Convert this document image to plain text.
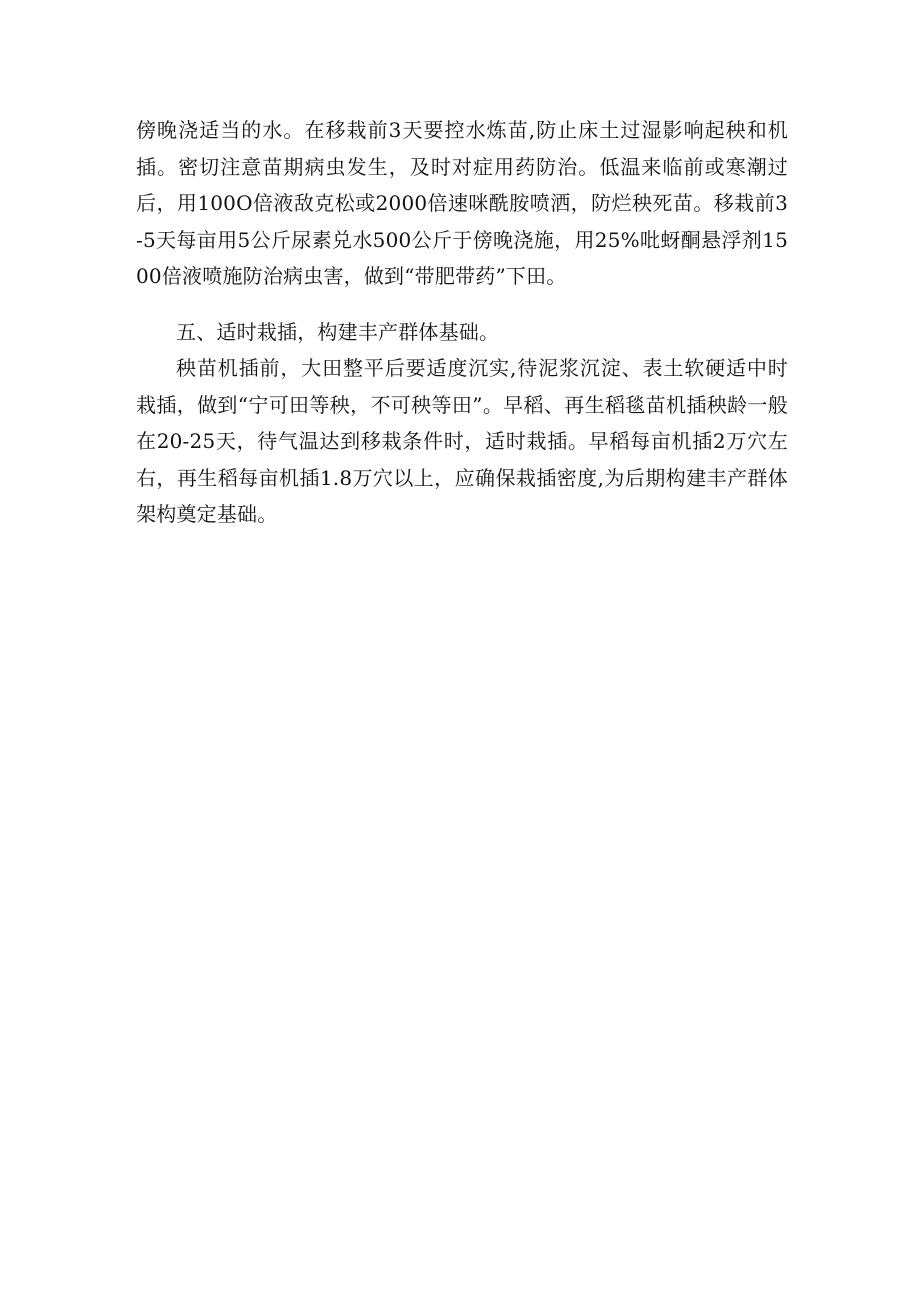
傍晚浇适当的水。在移栽前3天要控水炼苗,防止床土过湿影响起秧和机插。密切注意苗期病虫发生，及时对症用药防治。低温来临前或寒潮过后，用100O倍液敌克松或2000倍速咪酰胺喷洒，防烂秧死苗。移栽前3-5天每亩用5公斤尿素兑水500公斤于傍晚浇施，用25%吡蚜酮悬浮剂1500倍液喷施防治病虫害，做到“带肥带药”下田。

五、适时栽插，构建丰产群体基础。

秧苗机插前，大田整平后要适度沉实,待泥浆沉淀、表土软硬适中时栽插，做到“宁可田等秧，不可秧等田”。早稻、再生稻毯苗机插秧龄一般在20-25天，待气温达到移栽条件时，适时栽插。早稻每亩机插2万穴左右，再生稻每亩机插1.8万穴以上，应确保栽插密度,为后期构建丰产群体架构奠定基础。
